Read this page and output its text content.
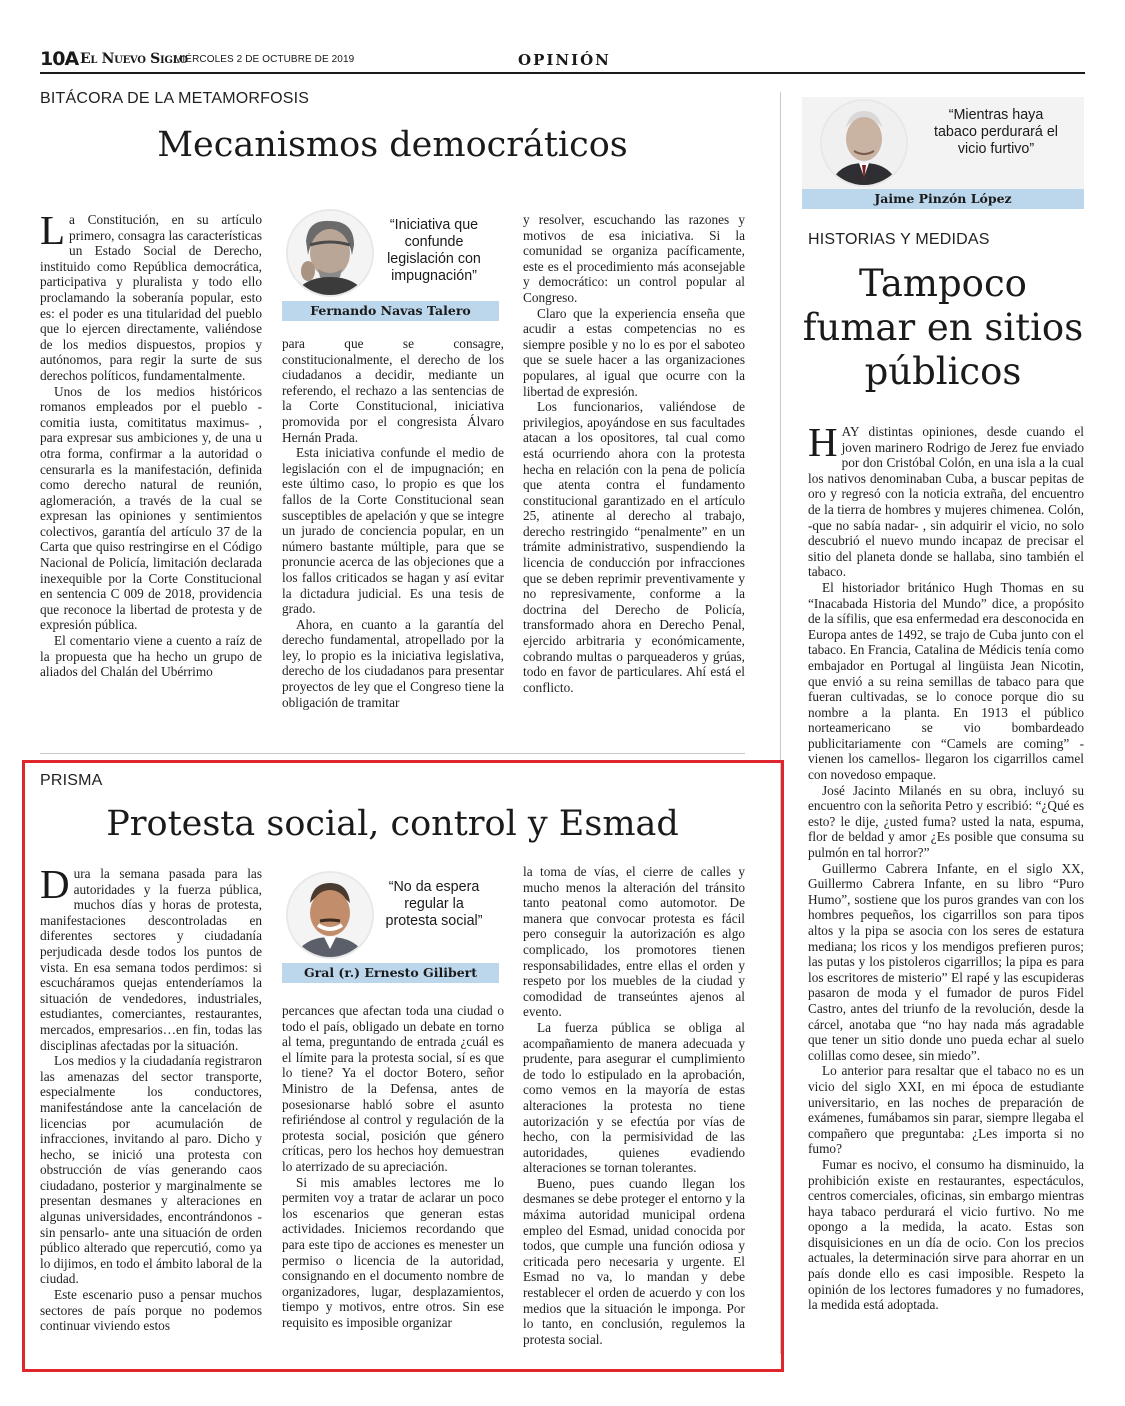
10A El Nuevo Siglo
MIÉRCOLES 2 DE OCTUBRE DE 2019	OPINIÓN
BITÁCORA DE LA METAMORFOSIS
Mecanismos democráticos

La Constitución, en su artículo primero, consagra las características un Estado Social de Derecho, instituido como República democrática, participativa y pluralista y todo ello proclamando la soberanía popular, esto es: el poder es una titularidad del pueblo que lo ejercen directamente, valiéndose de los medios dispuestos, propios y autónomos, para regir la surte de sus derechos políticos, fundamentalmente.

Unos de los medios históricos romanos empleados por el pueblo -comitia iusta, comititatus maximus- , para expresar sus ambiciones y, de una u otra forma, confirmar a la autoridad o censurarla es la manifestación, definida como derecho natural de reunión, aglomeración, a través de la cual se expresan las opiniones y sentimientos colectivos, garantía del artículo 37 de la Carta que quiso restringirse en el Código Nacional de Policía, limitación declarada inexequible por la Corte Constitucional en sentencia C 009 de 2018, providencia que reconoce la libertad de protesta y de expresión pública.

El comentario viene a cuento a raíz de la propuesta que ha hecho un grupo de aliados del Chalán del Ubérrimo

“Iniciativa que confunde legislación con impugnación”
Fernando Navas Talero

para que se consagre, constitucionalmente, el derecho de los ciudadanos a decidir, mediante un referendo, el rechazo a las sentencias de la Corte Constitucional, iniciativa promovida por el congresista Álvaro Hernán Prada.

Esta iniciativa confunde el medio de legislación con el de impugnación; en este último caso, lo propio es que los fallos de la Corte Constitucional sean susceptibles de apelación y que se integre un jurado de conciencia popular, en un número bastante múltiple, para que se pronuncie acerca de las objeciones que a los fallos criticados se hagan y así evitar la dictadura judicial. Es una tesis de grado.

Ahora, en cuanto a la garantía del derecho fundamental, atropellado por la ley, lo propio es la iniciativa legislativa, derecho de los ciudadanos para presentar proyectos de ley que el Congreso tiene la obligación de tramitar

y resolver, escuchando las razones y motivos de esa iniciativa. Si la comunidad se organiza pacíficamente, este es el procedimiento más aconsejable y democrático: un control popular al Congreso.

Claro que la experiencia enseña que acudir a estas competencias no es siempre posible y no lo es por el saboteo que se suele hacer a las organizaciones populares, al igual que ocurre con la libertad de expresión.

Los funcionarios, valiéndose de privilegios, apoyándose en sus facultades atacan a los opositores, tal cual como está ocurriendo ahora con la protesta hecha en relación con la pena de policía que atenta contra el fundamento constitucional garantizado en el artículo 25, atinente al derecho al trabajo, derecho restringido “penalmente” en un trámite administrativo, suspendiendo la licencia de conducción por infracciones que se deben reprimir preventivamente y no represivamente, conforme a la doctrina del Derecho de Policía, transformado ahora en Derecho Penal, ejercido arbitraria y económicamente, cobrando multas o parqueaderos y grúas, todo en favor de particulares. Ahí está el conflicto.

PRISMA
Protesta social, control y Esmad

Dura la semana pasada para las autoridades y la fuerza pública, muchos días y horas de protesta, manifestaciones descontroladas en diferentes sectores y ciudadanía perjudicada desde todos los puntos de vista. En esa semana todos perdimos: si escucháramos quejas entenderíamos la situación de vendedores, industriales, estudiantes, comerciantes, restaurantes, mercados, empresarios…en fin, todas las disciplinas afectadas por la situación.

Los medios y la ciudadanía registraron las amenazas del sector transporte, especialmente los conductores, manifestándose ante la cancelación de licencias por acumulación de infracciones, invitando al paro. Dicho y hecho, se inició una protesta con obstrucción de vías generando caos ciudadano, posterior y marginalmente se presentan desmanes y alteraciones en algunas universidades, encontrándonos -sin pensarlo- ante una situación de orden público alterado que repercutió, como ya lo dijimos, en todo el ámbito laboral de la ciudad.

Este escenario puso a pensar muchos sectores de país porque no podemos continuar viviendo estos

“No da espera regular la protesta social”
Gral (r.) Ernesto Gilibert

percances que afectan toda una ciudad o todo el país, obligado un debate en torno al tema, preguntando de entrada ¿cuál es el límite para la protesta social, sí es que lo tiene? Ya el doctor Botero, señor Ministro de la Defensa, antes de posesionarse habló sobre el asunto refiriéndose al control y regulación de la protesta social, posición que género críticas, pero los hechos hoy demuestran lo aterrizado de su apreciación.

Si mis amables lectores me lo permiten voy a tratar de aclarar un poco los escenarios que generan estas actividades. Iniciemos recordando que para este tipo de acciones es menester un permiso o licencia de la autoridad, consignando en el documento nombre de organizadores, lugar, desplazamientos, tiempo y motivos, entre otros. Sin ese requisito es imposible organizar

la toma de vías, el cierre de calles y mucho menos la alteración del tránsito tanto peatonal como automotor. De manera que convocar protesta es fácil pero conseguir la autorización es algo complicado, los promotores tienen responsabilidades, entre ellas el orden y respeto por los muebles de la ciudad y comodidad de transeúntes ajenos al evento.

La fuerza pública se obliga al acompañamiento de manera adecuada y prudente, para asegurar el cumplimiento de todo lo estipulado en la aprobación, como vemos en la mayoría de estas alteraciones la protesta no tiene autorización y se efectúa por vías de hecho, con la permisividad de las autoridades, quienes evadiendo alteraciones se tornan tolerantes.

Bueno, pues cuando llegan los desmanes se debe proteger el entorno y la máxima autoridad municipal ordena empleo del Esmad, unidad conocida por todos, que cumple una función odiosa y criticada pero necesaria y urgente. El Esmad no va, lo mandan y debe restablecer el orden de acuerdo y con los medios que la situación le imponga. Por lo tanto, en conclusión, regulemos la protesta social.

“Mientras haya tabaco perdurará el vicio furtivo”
Jaime Pinzón López
HISTORIAS Y MEDIDAS
Tampoco
fumar en sitios
públicos

HAY distintas opiniones, desde cuando el joven marinero Rodrigo de Jerez fue enviado por don Cristóbal Colón, en una isla a la cual los nativos denominaban Cuba, a buscar pepitas de oro y regresó con la noticia extraña, del encuentro de la tierra de hombres y mujeres chimenea. Colón, -que no sabía nadar- , sin adquirir el vicio, no solo descubrió el nuevo mundo incapaz de precisar el sitio del planeta donde se hallaba, sino también el tabaco.

El historiador británico Hugh Thomas en su “Inacabada Historia del Mundo” dice, a propósito de la sífilis, que esa enfermedad era desconocida en Europa antes de 1492, se trajo de Cuba junto con el tabaco. En Francia, Catalina de Médicis tenía como embajador en Portugal al lingüista Jean Nicotin, que envió a su reina semillas de tabaco para que fueran cultivadas, se lo conoce porque dio su nombre a la planta. En 1913 el público norteamericano se vio bombardeado publicitariamente con “Camels are coming” -vienen los camellos- llegaron los cigarrillos camel con novedoso empaque.

José Jacinto Milanés en su obra, incluyó su encuentro con la señorita Petro y escribió: “¿Qué es esto? le dije, ¿usted fuma? usted la nata, espuma, flor de beldad y amor ¿Es posible que consuma su pulmón en tal horror?”

Guillermo Cabrera Infante, en el siglo XX, Guillermo Cabrera Infante, en su libro “Puro Humo”, sostiene que los puros grandes van con los hombres pequeños, los cigarrillos son para tipos altos y la pipa se asocia con los seres de estatura mediana; los ricos y los mendigos prefieren puros; las putas y los pistoleros cigarrillos; la pipa es para los escritores de misterio” El rapé y las escupideras pasaron de moda y el fumador de puros Fidel Castro, antes del triunfo de la revolución, desde la cárcel, anotaba que “no hay nada más agradable que tener un sitio donde uno pueda echar al suelo colillas como desee, sin miedo”.

Lo anterior para resaltar que el tabaco no es un vicio del siglo XXI, en mi época de estudiante universitario, en las noches de preparación de exámenes, fumábamos sin parar, siempre llegaba el compañero que preguntaba: ¿Les importa si no fumo?

Fumar es nocivo, el consumo ha disminuido, la prohibición existe en restaurantes, espectáculos, centros comerciales, oficinas, sin embargo mientras haya tabaco perdurará el vicio furtivo. No me opongo a la medida, la acato. Estas son disquisiciones en un día de ocio. Con los precios actuales, la determinación sirve para ahorrar en un país donde ello es casi imposible. Respeto la opinión de los lectores fumadores y no fumadores, la medida está adoptada.
